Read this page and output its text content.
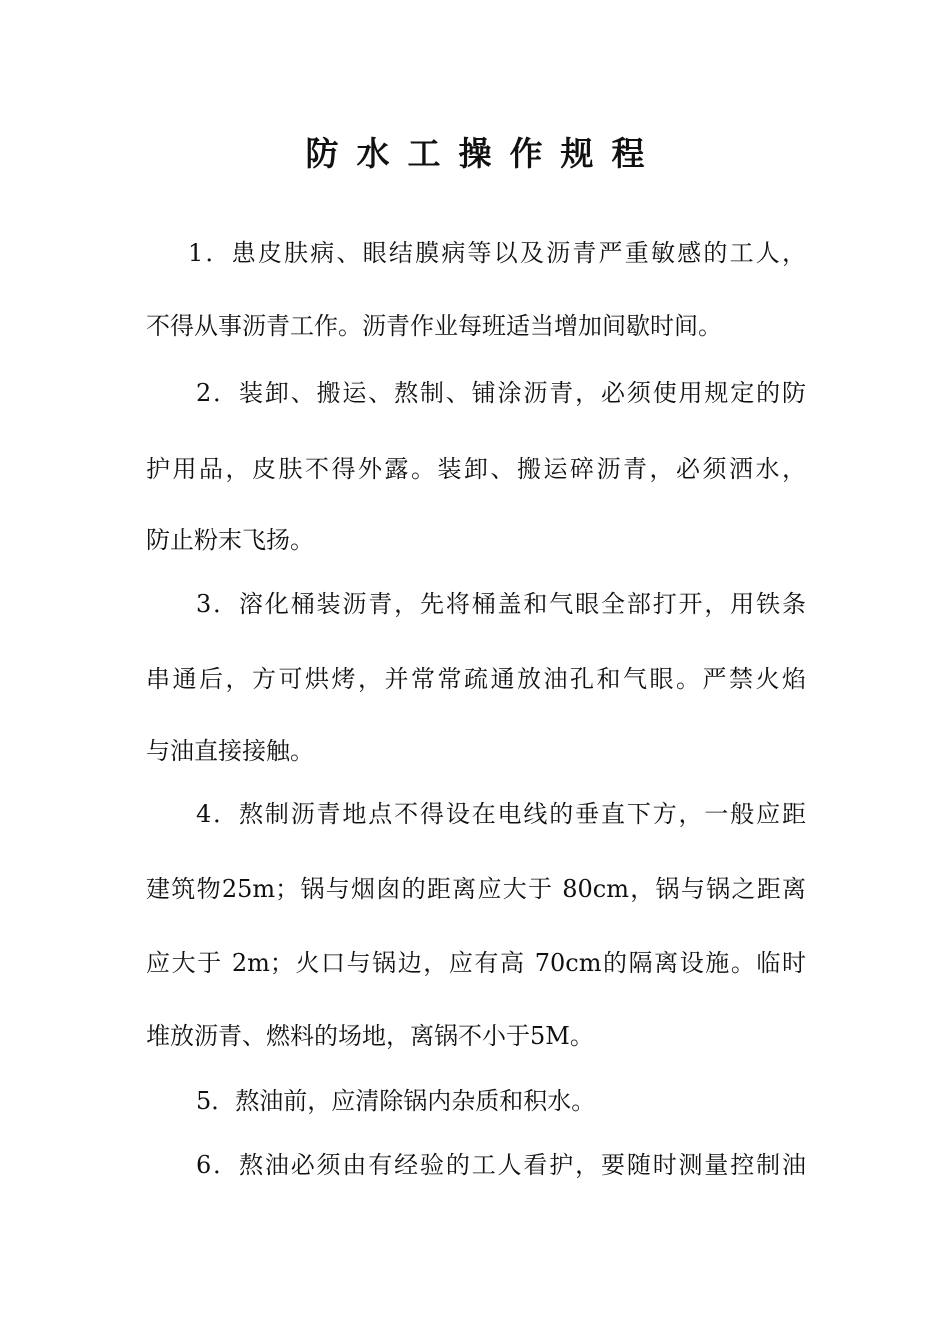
防水工操作规程
1．患皮肤病、眼结膜病等以及沥青严重敏感的工人，
不得从事沥青工作。沥青作业每班适当增加间歇时间。
2．装卸、搬运、熬制、铺涂沥青，必须使用规定的防
护用品，皮肤不得外露。装卸、搬运碎沥青，必须洒水，
防止粉末飞扬。
3．溶化桶装沥青，先将桶盖和气眼全部打开，用铁条
串通后，方可烘烤，并常常疏通放油孔和气眼。严禁火焰
与油直接接触。
4．熬制沥青地点不得设在电线的垂直下方，一般应距
建筑物25m；锅与烟囱的距离应大于 80cm，锅与锅之距离
应大于 2m；火口与锅边，应有高 70cm的隔离设施。临时
堆放沥青、燃料的场地，离锅不小于5M。
5．熬油前，应清除锅内杂质和积水。
6．熬油必须由有经验的工人看护，要随时测量控制油
